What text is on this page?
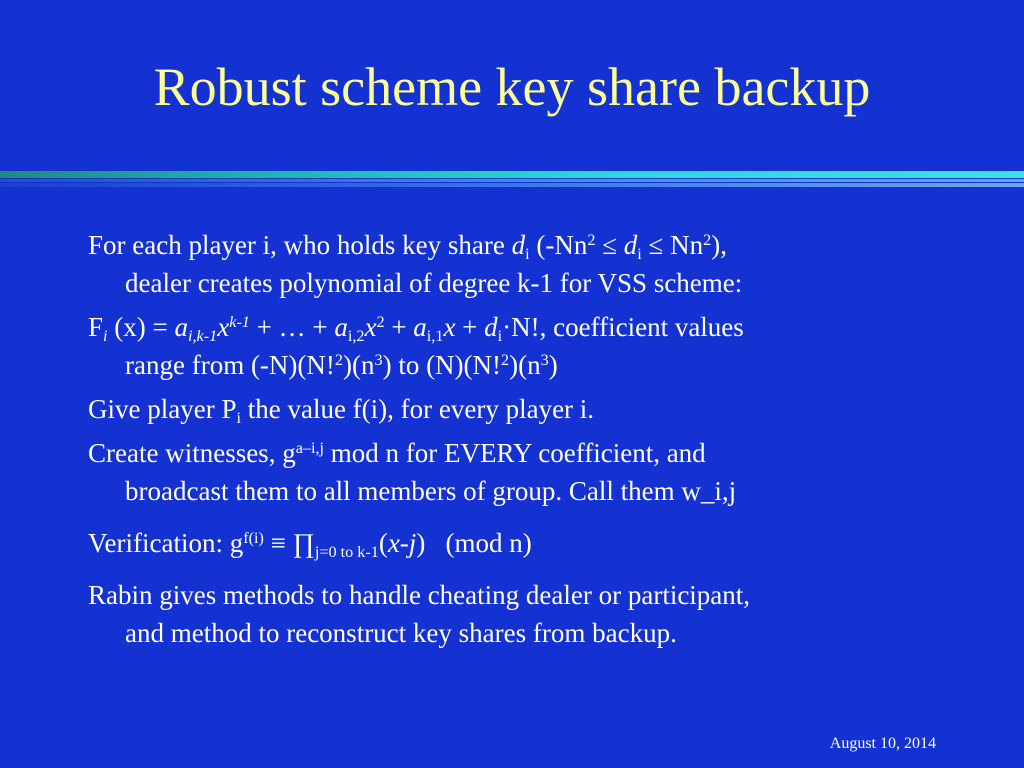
Robust scheme key share backup
For each player i, who holds key share $d_i$ $(-Nn^2 \le d_i \le Nn^2)$,
dealer creates polynomial of degree k-1 for VSS scheme:
$F_i$ $(x) = a_{i,k-1}x^{k-1}$ + … + $a_{i,2}x^2 + a_{i,1}x + d_i\cdot N$!, coefficient values
range from $(-N)(N!^2)(n^3)$ to $(N)(N!^2)(n^3)$
Give player $P_i$ the value f(i), for every player i.
Create witnesses, $g^{a-i,j}$ mod n for EVERY coefficient, and
broadcast them to all members of group. Call them w_i,j
Verification: $g^{f(i)}$ ≡ $\prod_{j=0 to k-1}(x-j)$   (mod n)
Rabin gives methods to handle cheating dealer or participant,
and method to reconstruct key shares from backup.
August 10, 2014
